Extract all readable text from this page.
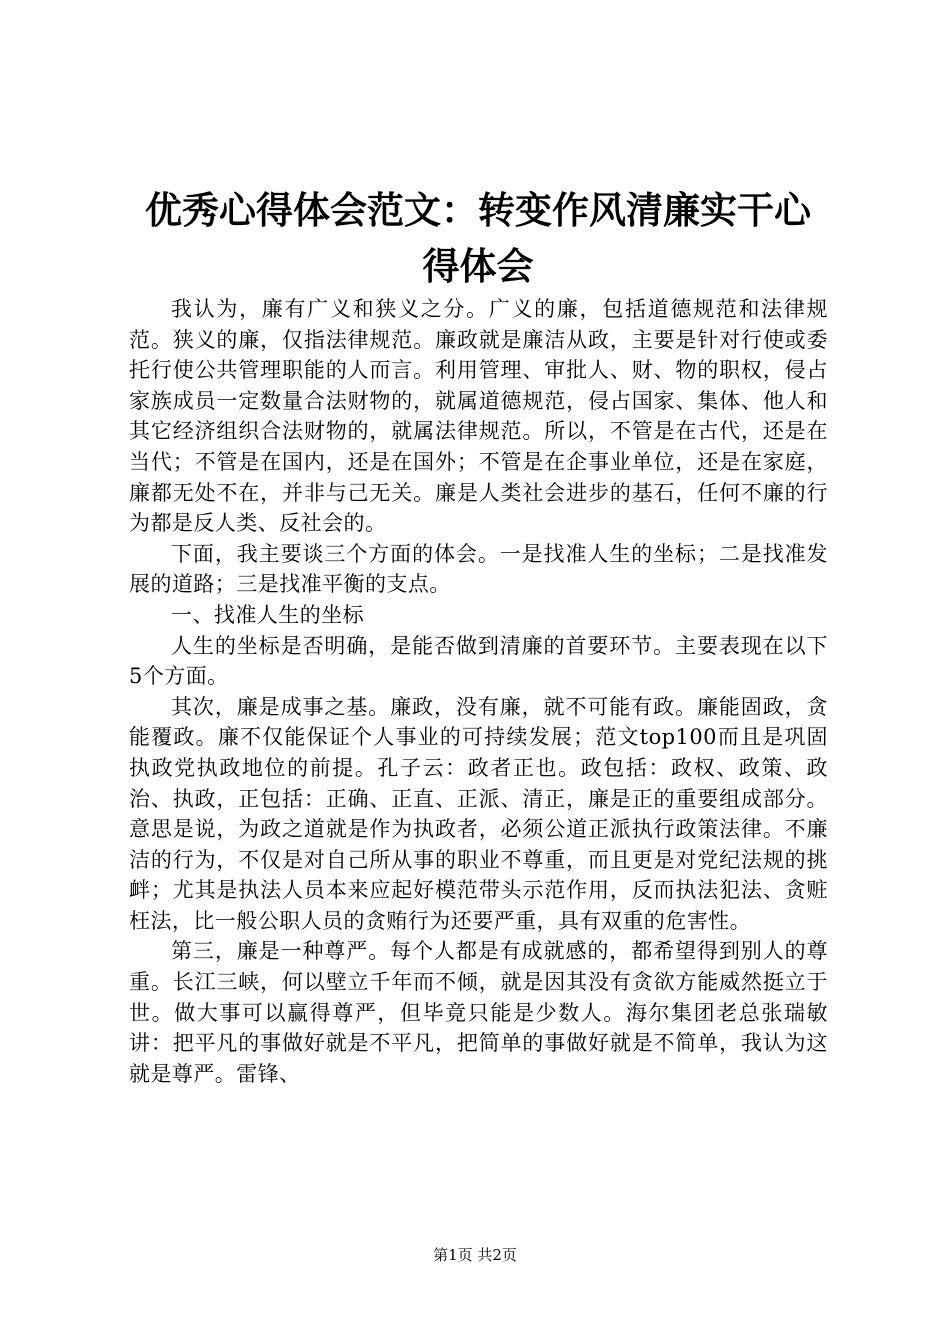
优秀心得体会范文：转变作风清廉实干心得体会

我认为，廉有广义和狭义之分。广义的廉，包括道德规范和法律规范。狭义的廉，仅指法律规范。廉政就是廉洁从政，主要是针对行使或委托行使公共管理职能的人而言。利用管理、审批人、财、物的职权，侵占家族成员一定数量合法财物的，就属道德规范，侵占国家、集体、他人和其它经济组织合法财物的，就属法律规范。所以，不管是在古代，还是在当代；不管是在国内，还是在国外；不管是在企事业单位，还是在家庭，廉都无处不在，并非与己无关。廉是人类社会进步的基石，任何不廉的行为都是反人类、反社会的。

下面，我主要谈三个方面的体会。一是找准人生的坐标；二是找准发展的道路；三是找准平衡的支点。

一、找准人生的坐标

人生的坐标是否明确，是能否做到清廉的首要环节。主要表现在以下5个方面。

其次，廉是成事之基。廉政，没有廉，就不可能有政。廉能固政，贪能覆政。廉不仅能保证个人事业的可持续发展；范文top100而且是巩固执政党执政地位的前提。孔子云：政者正也。政包括：政权、政策、政治、执政，正包括：正确、正直、正派、清正，廉是正的重要组成部分。意思是说，为政之道就是作为执政者，必须公道正派执行政策法律。不廉洁的行为，不仅是对自己所从事的职业不尊重，而且更是对党纪法规的挑衅；尤其是执法人员本来应起好模范带头示范作用，反而执法犯法、贪赃枉法，比一般公职人员的贪贿行为还要严重，具有双重的危害性。

第三，廉是一种尊严。每个人都是有成就感的，都希望得到别人的尊重。长江三峡，何以壁立千年而不倾，就是因其没有贪欲方能威然挺立于世。做大事可以赢得尊严，但毕竟只能是少数人。海尔集团老总张瑞敏讲：把平凡的事做好就是不平凡，把简单的事做好就是不简单，我认为这就是尊严。雷锋、

第1页 共2页
